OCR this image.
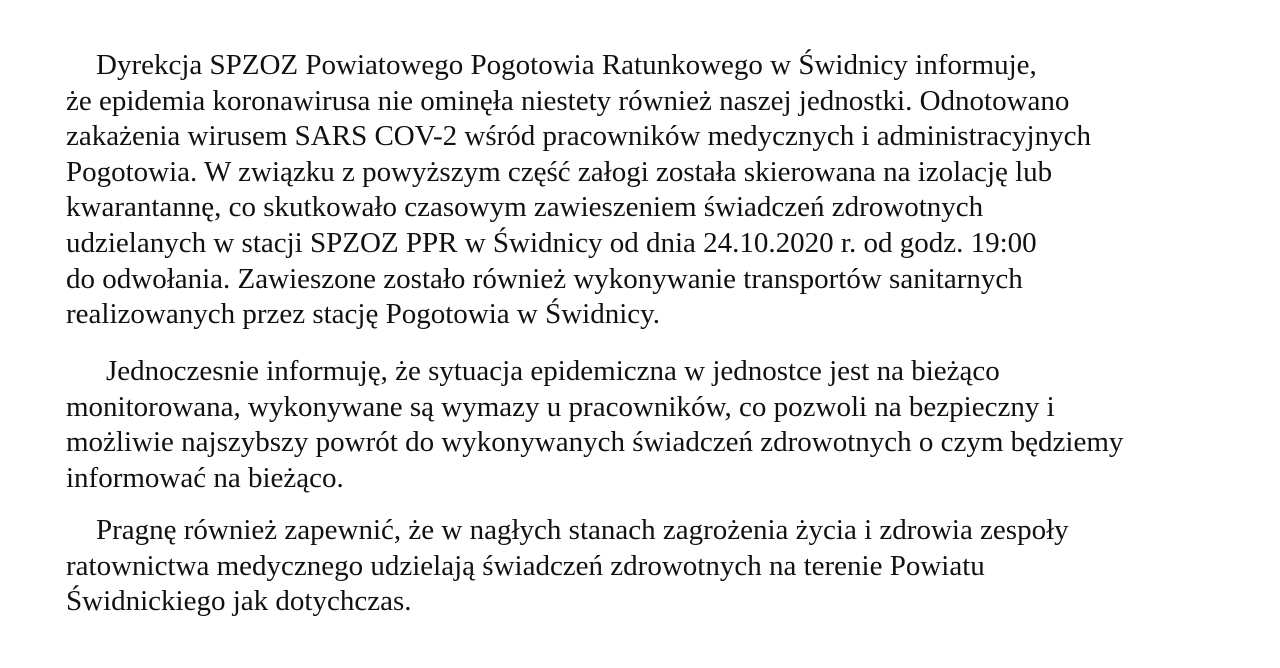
Dyrekcja SPZOZ Powiatowego Pogotowia Ratunkowego w Świdnicy informuje,
że epidemia koronawirusa nie ominęła niestety również naszej jednostki. Odnotowano
zakażenia wirusem SARS COV-2 wśród pracowników medycznych i administracyjnych
Pogotowia. W związku z powyższym część załogi została skierowana na izolację lub
kwarantannę, co skutkowało czasowym zawieszeniem świadczeń zdrowotnych
udzielanych w stacji SPZOZ PPR w Świdnicy od dnia 24.10.2020 r. od godz. 19:00
do odwołania. Zawieszone zostało również wykonywanie transportów sanitarnych
realizowanych przez stację Pogotowia w Świdnicy.

Jednoczesnie informuję, że sytuacja epidemiczna w jednostce jest na bieżąco
monitorowana, wykonywane są wymazy u pracowników, co pozwoli na bezpieczny i
możliwie najszybszy powrót do wykonywanych świadczeń zdrowotnych o czym będziemy
informować na bieżąco.

Pragnę również zapewnić, że w nagłych stanach zagrożenia życia i zdrowia zespoły
ratownictwa medycznego udzielają świadczeń zdrowotnych na terenie Powiatu
Świdnickiego jak dotychczas.
